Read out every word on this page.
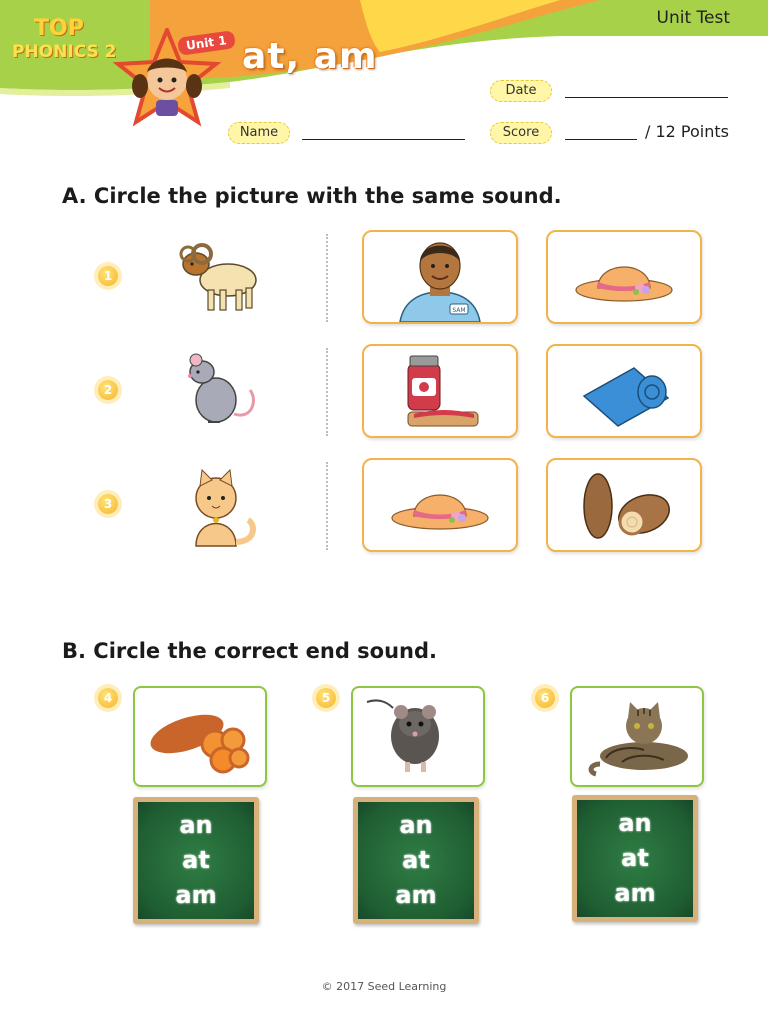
TOP
PHONICS 2	Unit 1 at, am
Unit Test
Date
Name	Score	/ 12 Points
A. Circle the picture with the same sound.
1
SAM
2
3
B. Circle the correct end sound.
4
an
at
am
5
an
at
am
6
an
at
am
© 2017 Seed Learning
